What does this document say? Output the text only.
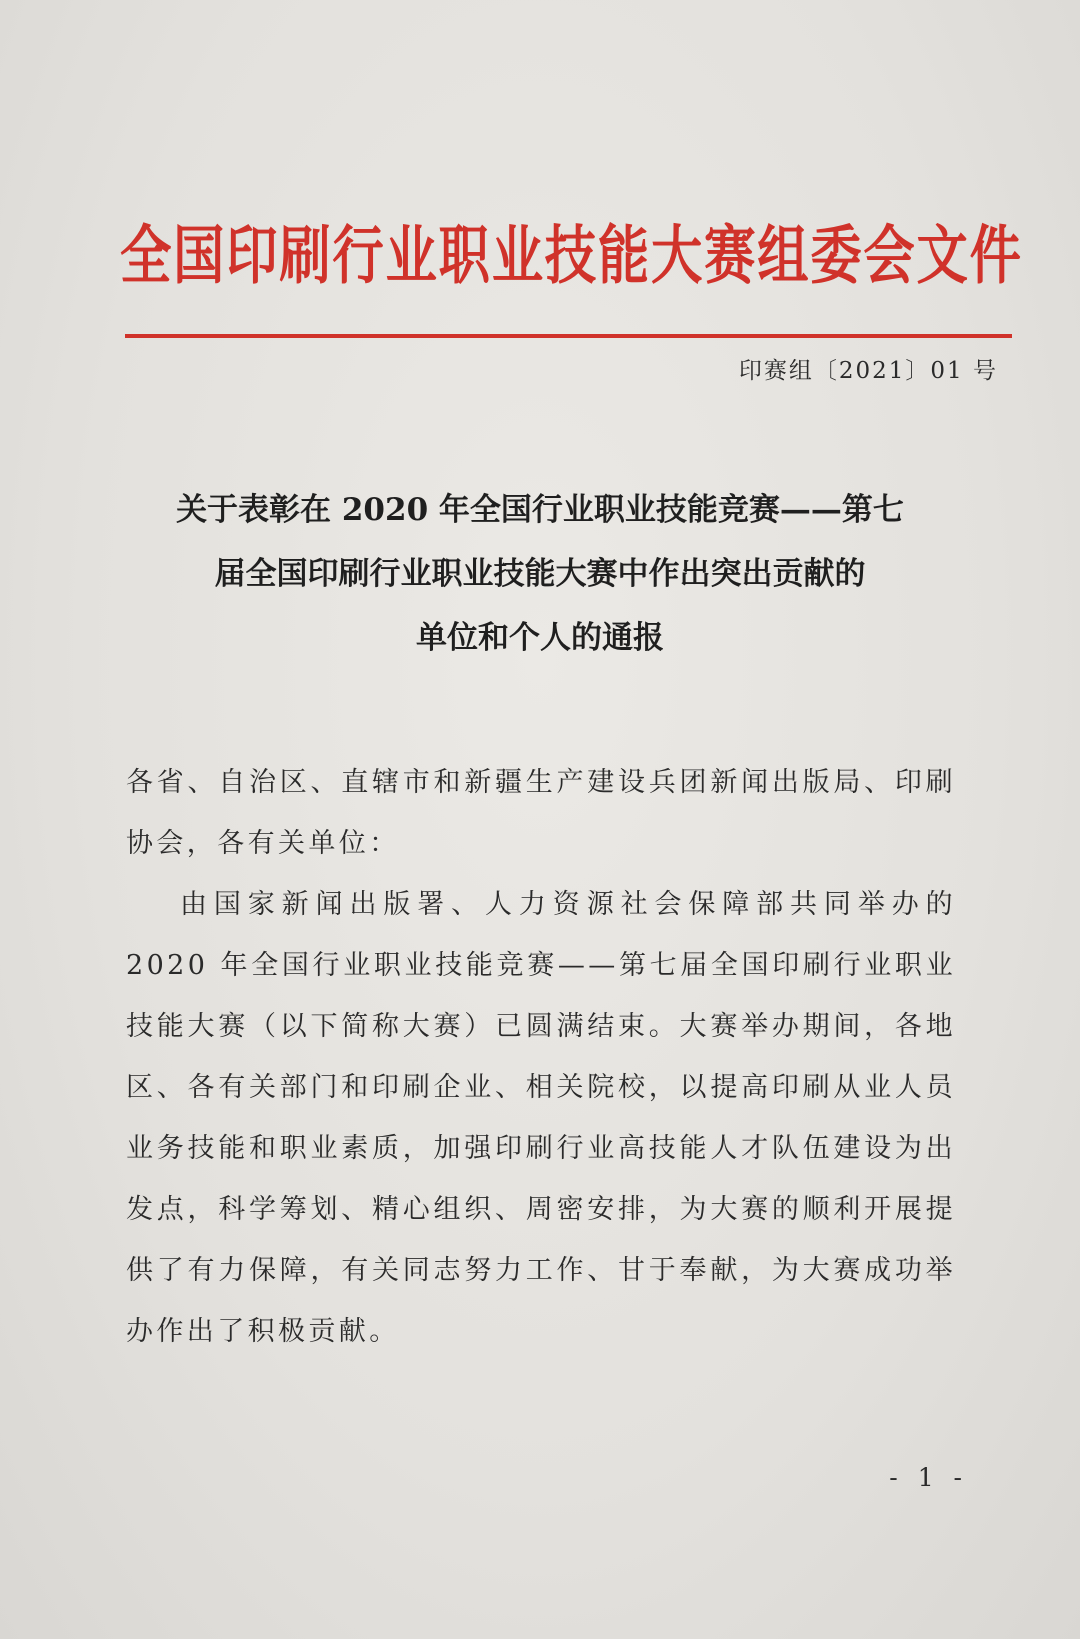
全国印刷行业职业技能大赛组委会文件
印赛组〔2021〕01 号
关于表彰在 2020 年全国行业职业技能竞赛——第七
届全国印刷行业职业技能大赛中作出突出贡献的
单位和个人的通报

各省、自治区、直辖市和新疆生产建设兵团新闻出版局、印刷协会，各有关单位：

由国家新闻出版署、人力资源社会保障部共同举办的 2020 年全国行业职业技能竞赛——第七届全国印刷行业职业技能大赛（以下简称大赛）已圆满结束。大赛举办期间，各地区、各有关部门和印刷企业、相关院校，以提高印刷从业人员业务技能和职业素质，加强印刷行业高技能人才队伍建设为出发点，科学筹划、精心组织、周密安排，为大赛的顺利开展提供了有力保障，有关同志努力工作、甘于奉献，为大赛成功举办作出了积极贡献。

- 1 -
